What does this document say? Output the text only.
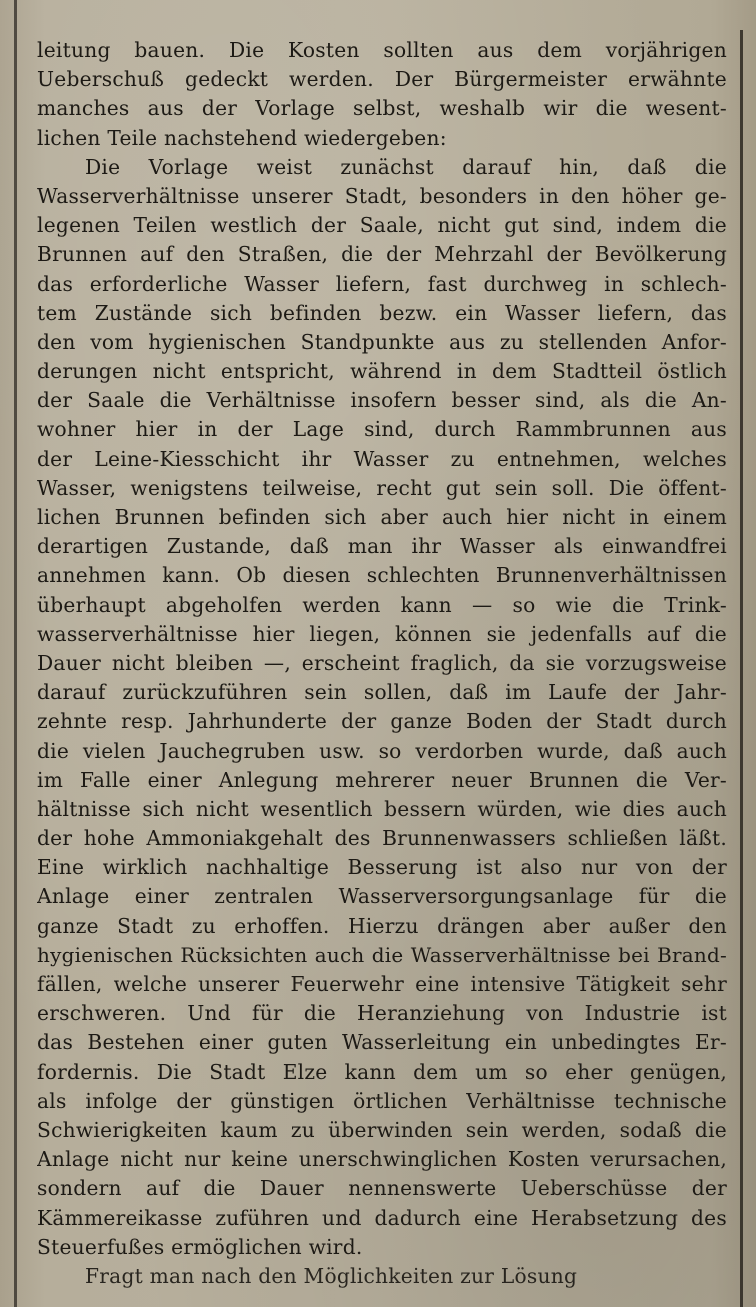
leitung bauen. Die Kosten sollten aus dem vorjährigen
Ueberschuß gedeckt werden. Der Bürgermeister erwähnte
manches aus der Vorlage selbst, weshalb wir die wesent-
lichen Teile nachstehend wiedergeben:
Die Vorlage weist zunächst darauf hin, daß die
Wasserverhältnisse unserer Stadt, besonders in den höher ge-
legenen Teilen westlich der Saale, nicht gut sind, indem die
Brunnen auf den Straßen, die der Mehrzahl der Bevölkerung
das erforderliche Wasser liefern, fast durchweg in schlech-
tem Zustände sich befinden bezw. ein Wasser liefern, das
den vom hygienischen Standpunkte aus zu stellenden Anfor-
derungen nicht entspricht, während in dem Stadtteil östlich
der Saale die Verhältnisse insofern besser sind, als die An-
wohner hier in der Lage sind, durch Rammbrunnen aus
der Leine-Kiesschicht ihr Wasser zu entnehmen, welches
Wasser, wenigstens teilweise, recht gut sein soll. Die öffent-
lichen Brunnen befinden sich aber auch hier nicht in einem
derartigen Zustande, daß man ihr Wasser als einwandfrei
annehmen kann. Ob diesen schlechten Brunnenverhältnissen
überhaupt abgeholfen werden kann — so wie die Trink-
wasserverhältnisse hier liegen, können sie jedenfalls auf die
Dauer nicht bleiben —, erscheint fraglich, da sie vorzugsweise
darauf zurückzuführen sein sollen, daß im Laufe der Jahr-
zehnte resp. Jahrhunderte der ganze Boden der Stadt durch
die vielen Jauchegruben usw. so verdorben wurde, daß auch
im Falle einer Anlegung mehrerer neuer Brunnen die Ver-
hältnisse sich nicht wesentlich bessern würden, wie dies auch
der hohe Ammoniakgehalt des Brunnenwassers schließen läßt.
Eine wirklich nachhaltige Besserung ist also nur von der
Anlage einer zentralen Wasserversorgungsanlage für die
ganze Stadt zu erhoffen. Hierzu drängen aber außer den
hygienischen Rücksichten auch die Wasserverhältnisse bei Brand-
fällen, welche unserer Feuerwehr eine intensive Tätigkeit sehr
erschweren. Und für die Heranziehung von Industrie ist
das Bestehen einer guten Wasserleitung ein unbedingtes Er-
fordernis. Die Stadt Elze kann dem um so eher genügen,
als infolge der günstigen örtlichen Verhältnisse technische
Schwierigkeiten kaum zu überwinden sein werden, sodaß die
Anlage nicht nur keine unerschwinglichen Kosten verursachen,
sondern auf die Dauer nennenswerte Ueberschüsse der
Kämmereikasse zuführen und dadurch eine Herabsetzung des
Steuerfußes ermöglichen wird.
Fragt man nach den Möglichkeiten zur Lösung
